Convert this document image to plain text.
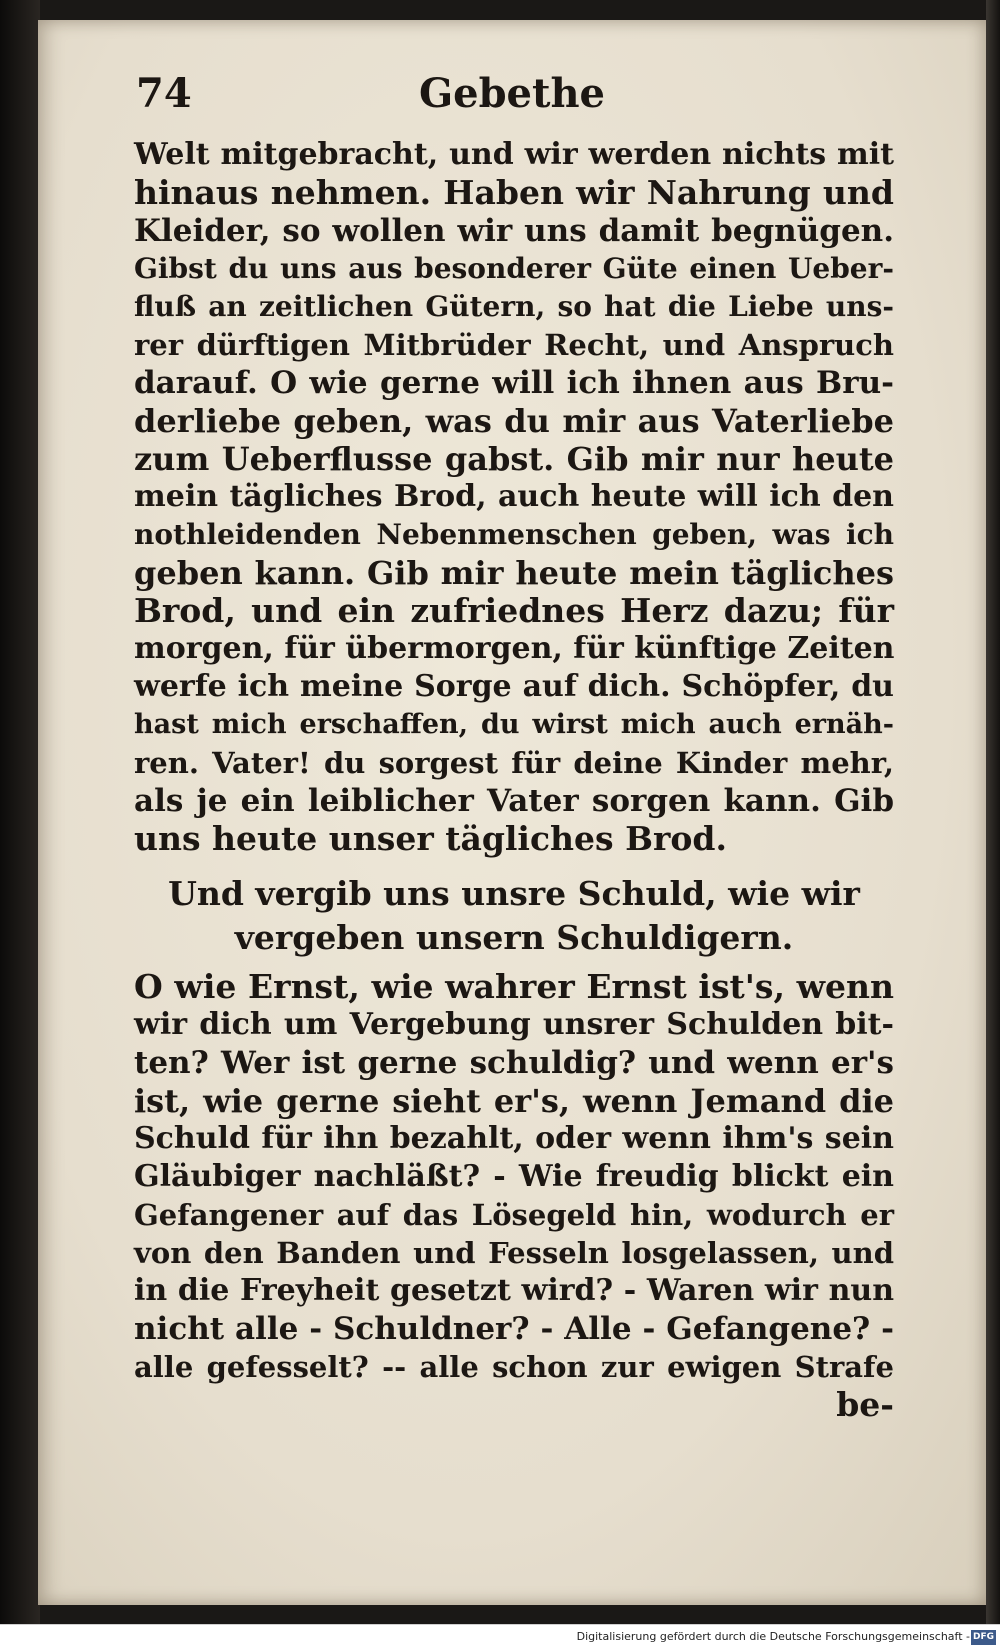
74	Gebethe
Welt mitgebracht, und wir werden nichts mit
hinaus nehmen. Haben wir Nahrung und
Kleider, so wollen wir uns damit begnügen.
Gibst du uns aus besonderer Güte einen Ueber-
fluß an zeitlichen Gütern, so hat die Liebe uns-
rer dürftigen Mitbrüder Recht, und Anspruch
darauf. O wie gerne will ich ihnen aus Bru-
derliebe geben, was du mir aus Vaterliebe
zum Ueberflusse gabst. Gib mir nur heute
mein tägliches Brod, auch heute will ich den
nothleidenden Nebenmenschen geben, was ich
geben kann. Gib mir heute mein tägliches
Brod, und ein zufriednes Herz dazu; für
morgen, für übermorgen, für künftige Zeiten
werfe ich meine Sorge auf dich. Schöpfer, du
hast mich erschaffen, du wirst mich auch ernäh-
ren. Vater! du sorgest für deine Kinder mehr,
als je ein leiblicher Vater sorgen kann. Gib
uns heute unser tägliches Brod.
Und vergib uns unsre Schuld, wie wir
vergeben unsern Schuldigern.
O wie Ernst, wie wahrer Ernst ist's, wenn
wir dich um Vergebung unsrer Schulden bit-
ten? Wer ist gerne schuldig? und wenn er's
ist, wie gerne sieht er's, wenn Jemand die
Schuld für ihn bezahlt, oder wenn ihm's sein
Gläubiger nachläßt? - Wie freudig blickt ein
Gefangener auf das Lösegeld hin, wodurch er
von den Banden und Fesseln losgelassen, und
in die Freyheit gesetzt wird? - Waren wir nun
nicht alle - Schuldner? - Alle - Gefangene? -
alle gefesselt? -- alle schon zur ewigen Strafe
be-
Digitalisierung gefördert durch die Deutsche Forschungsgemeinschaft - DFG
